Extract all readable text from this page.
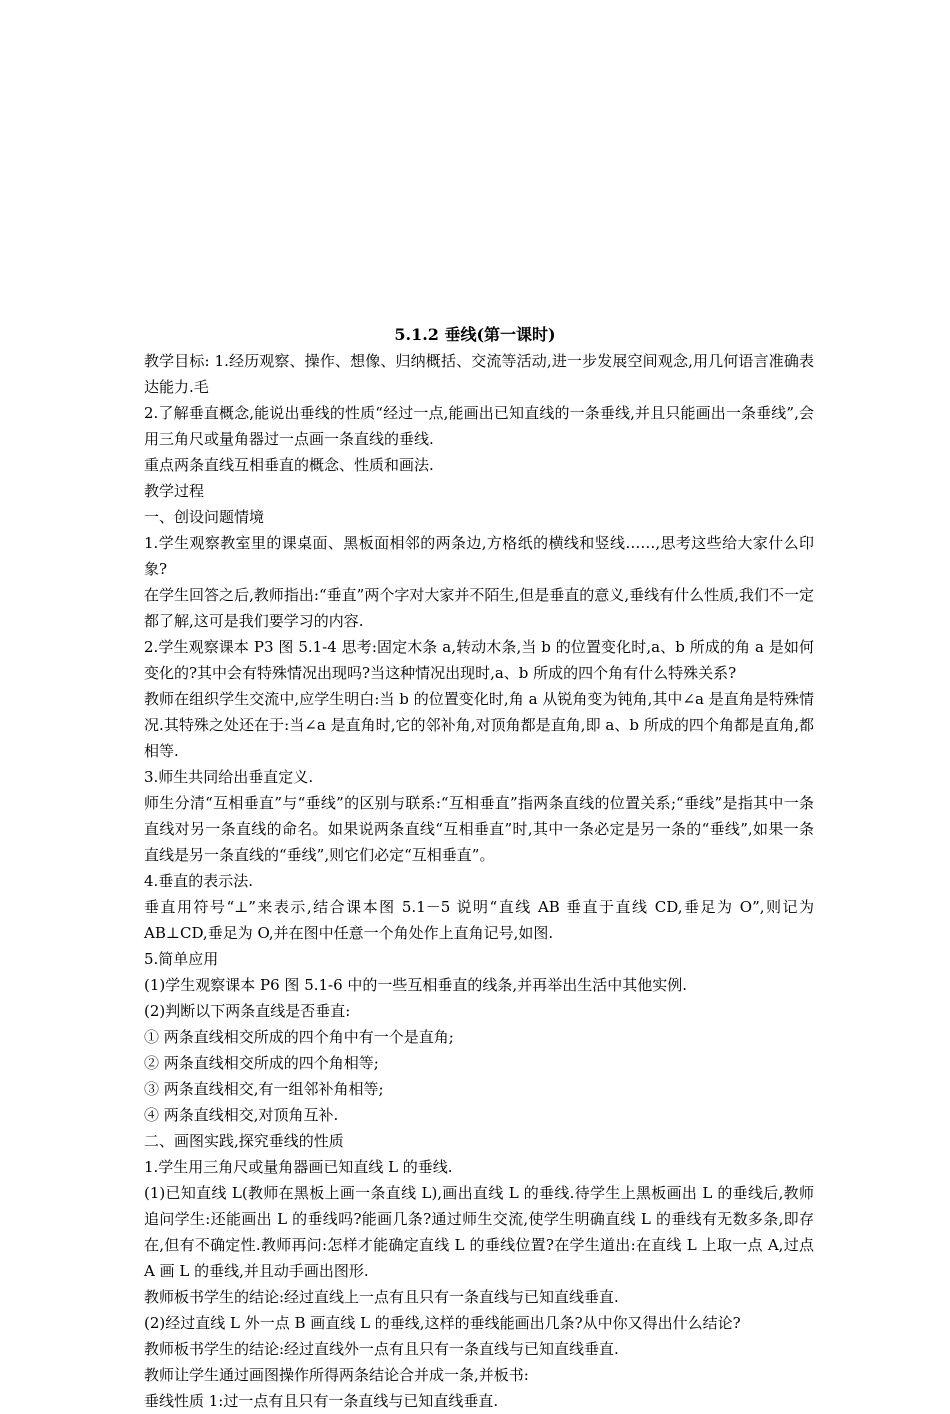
5.1.2 垂线(第一课时)

教学目标: 1.经历观察、操作、想像、归纳概括、交流等活动,进一步发展空间观念,用几何语言准确表达能力.毛

2.了解垂直概念,能说出垂线的性质“经过一点,能画出已知直线的一条垂线,并且只能画出一条垂线”,会用三角尺或量角器过一点画一条直线的垂线.

重点两条直线互相垂直的概念、性质和画法.

教学过程

一、创设问题情境

1.学生观察教室里的课桌面、黑板面相邻的两条边,方格纸的横线和竖线……,思考这些给大家什么印象?

在学生回答之后,教师指出:“垂直”两个字对大家并不陌生,但是垂直的意义,垂线有什么性质,我们不一定都了解,这可是我们要学习的内容.

2.学生观察课本 P3 图 5.1-4 思考:固定木条 a,转动木条,当 b 的位置变化时,a、b 所成的角 a 是如何变化的?其中会有特殊情况出现吗?当这种情况出现时,a、b 所成的四个角有什么特殊关系?

教师在组织学生交流中,应学生明白:当 b 的位置变化时,角 a 从锐角变为钝角,其中∠a 是直角是特殊情况.其特殊之处还在于:当∠a 是直角时,它的邻补角,对顶角都是直角,即 a、b 所成的四个角都是直角,都相等.

3.师生共同给出垂直定义.

师生分清“互相垂直”与“垂线”的区别与联系:“互相垂直”指两条直线的位置关系;“垂线”是指其中一条直线对另一条直线的命名。如果说两条直线“互相垂直”时,其中一条必定是另一条的“垂线”,如果一条直线是另一条直线的“垂线”,则它们必定“互相垂直”。

4.垂直的表示法.

垂直用符号“⊥”来表示,结合课本图 5.1－5 说明“直线 AB 垂直于直线 CD,垂足为 O”,则记为 AB⊥CD,垂足为 O,并在图中任意一个角处作上直角记号,如图.

5.简单应用

(1)学生观察课本 P6 图 5.1-6 中的一些互相垂直的线条,并再举出生活中其他实例.

(2)判断以下两条直线是否垂直:

① 两条直线相交所成的四个角中有一个是直角;

② 两条直线相交所成的四个角相等;

③ 两条直线相交,有一组邻补角相等;

④ 两条直线相交,对顶角互补.

二、画图实践,探究垂线的性质

1.学生用三角尺或量角器画已知直线 L 的垂线.

(1)已知直线 L(教师在黑板上画一条直线 L),画出直线 L 的垂线.待学生上黑板画出 L 的垂线后,教师追问学生:还能画出 L 的垂线吗?能画几条?通过师生交流,使学生明确直线 L 的垂线有无数多条,即存在,但有不确定性.教师再问:怎样才能确定直线 L 的垂线位置?在学生道出:在直线 L 上取一点 A,过点 A 画 L 的垂线,并且动手画出图形.

教师板书学生的结论:经过直线上一点有且只有一条直线与已知直线垂直.

(2)经过直线 L 外一点 B 画直线 L 的垂线,这样的垂线能画出几条?从中你又得出什么结论?

教师板书学生的结论:经过直线外一点有且只有一条直线与已知直线垂直.

教师让学生通过画图操作所得两条结论合并成一条,并板书:

垂线性质 1:过一点有且只有一条直线与已知直线垂直.
